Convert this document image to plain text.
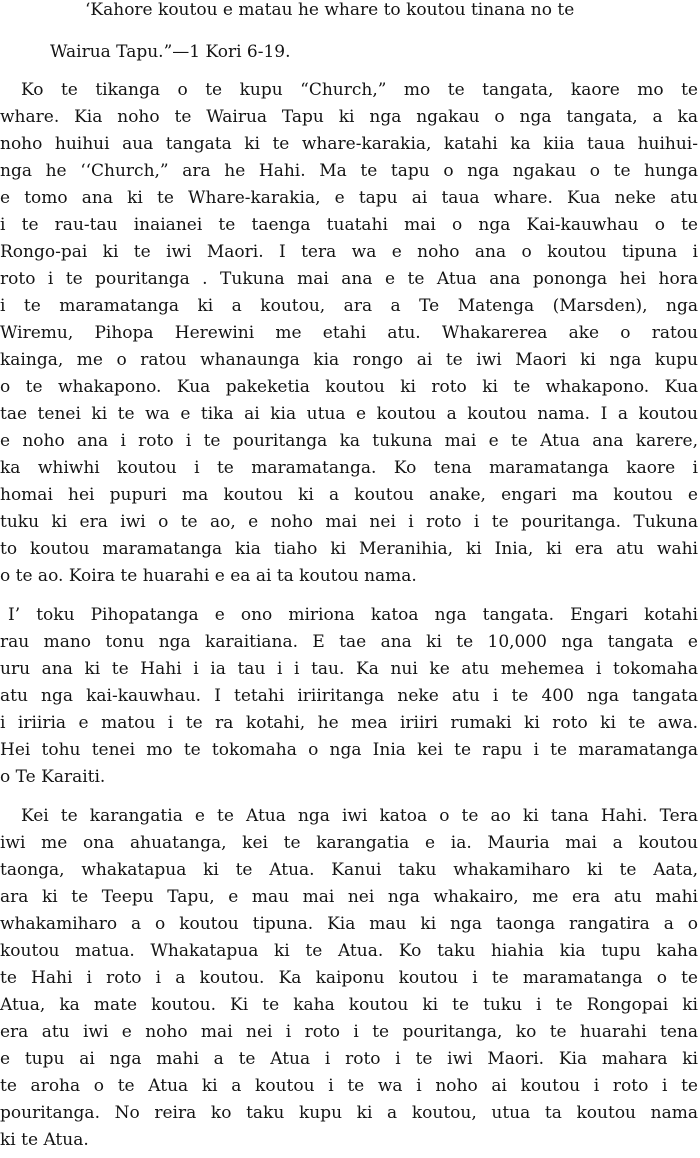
‘Kahore koutou e matau he whare to koutou tinana no te
Wairua Tapu.”—1 Kori 6-19.
Ko te tikanga o te kupu “Church,” mo te tangata, kaore mo te
whare. Kia noho te Wairua Tapu ki nga ngakau o nga tangata, a ka
noho huihui aua tangata ki te whare-karakia, katahi ka kiia taua huihui-
nga he ‘‘Church,” ara he Hahi. Ma te tapu o nga ngakau o te hunga
e tomo ana ki te Whare-karakia, e tapu ai taua whare. Kua neke atu
i te rau-tau inaianei te taenga tuatahi mai o nga Kai-kauwhau o te
Rongo-pai ki te iwi Maori. I tera wa e noho ana o koutou tipuna i
roto i te pouritanga . Tukuna mai ana e te Atua ana pononga hei hora
i te maramatanga ki a koutou, ara a Te Matenga (Marsden), nga
Wiremu, Pihopa Herewini me etahi atu. Whakarerea ake o ratou
kainga, me o ratou whanaunga kia rongo ai te iwi Maori ki nga kupu
o te whakapono. Kua pakeketia koutou ki roto ki te whakapono. Kua
tae tenei ki te wa e tika ai kia utua e koutou a koutou nama. I a koutou
e noho ana i roto i te pouritanga ka tukuna mai e te Atua ana karere,
ka whiwhi koutou i te maramatanga. Ko tena maramatanga kaore i
homai hei pupuri ma koutou ki a koutou anake, engari ma koutou e
tuku ki era iwi o te ao, e noho mai nei i roto i te pouritanga. Tukuna
to koutou maramatanga kia tiaho ki Meranihia, ki Inia, ki era atu wahi
o te ao. Koira te huarahi e ea ai ta koutou nama.
I’ toku Pihopatanga e ono miriona katoa nga tangata. Engari kotahi
rau mano tonu nga karaitiana. E tae ana ki te 10,000 nga tangata e
uru ana ki te Hahi i ia tau i i tau. Ka nui ke atu mehemea i tokomaha
atu nga kai-kauwhau. I tetahi iriiritanga neke atu i te 400 nga tangata
i iriiria e matou i te ra kotahi, he mea iriiri rumaki ki roto ki te awa.
Hei tohu tenei mo te tokomaha o nga Inia kei te rapu i te maramatanga
o Te Karaiti.
Kei te karangatia e te Atua nga iwi katoa o te ao ki tana Hahi. Tera
iwi me ona ahuatanga, kei te karangatia e ia. Mauria mai a koutou
taonga, whakatapua ki te Atua. Kanui taku whakamiharo ki te Aata,
ara ki te Teepu Tapu, e mau mai nei nga whakairo, me era atu mahi
whakamiharo a o koutou tipuna. Kia mau ki nga taonga rangatira a o
koutou matua. Whakatapua ki te Atua. Ko taku hiahia kia tupu kaha
te Hahi i roto i a koutou. Ka kaiponu koutou i te maramatanga o te
Atua, ka mate koutou. Ki te kaha koutou ki te tuku i te Rongopai ki
era atu iwi e noho mai nei i roto i te pouritanga, ko te huarahi tena
e tupu ai nga mahi a te Atua i roto i te iwi Maori. Kia mahara ki
te aroha o te Atua ki a koutou i te wa i noho ai koutou i roto i te
pouritanga. No reira ko taku kupu ki a koutou, utua ta koutou nama
ki te Atua.
